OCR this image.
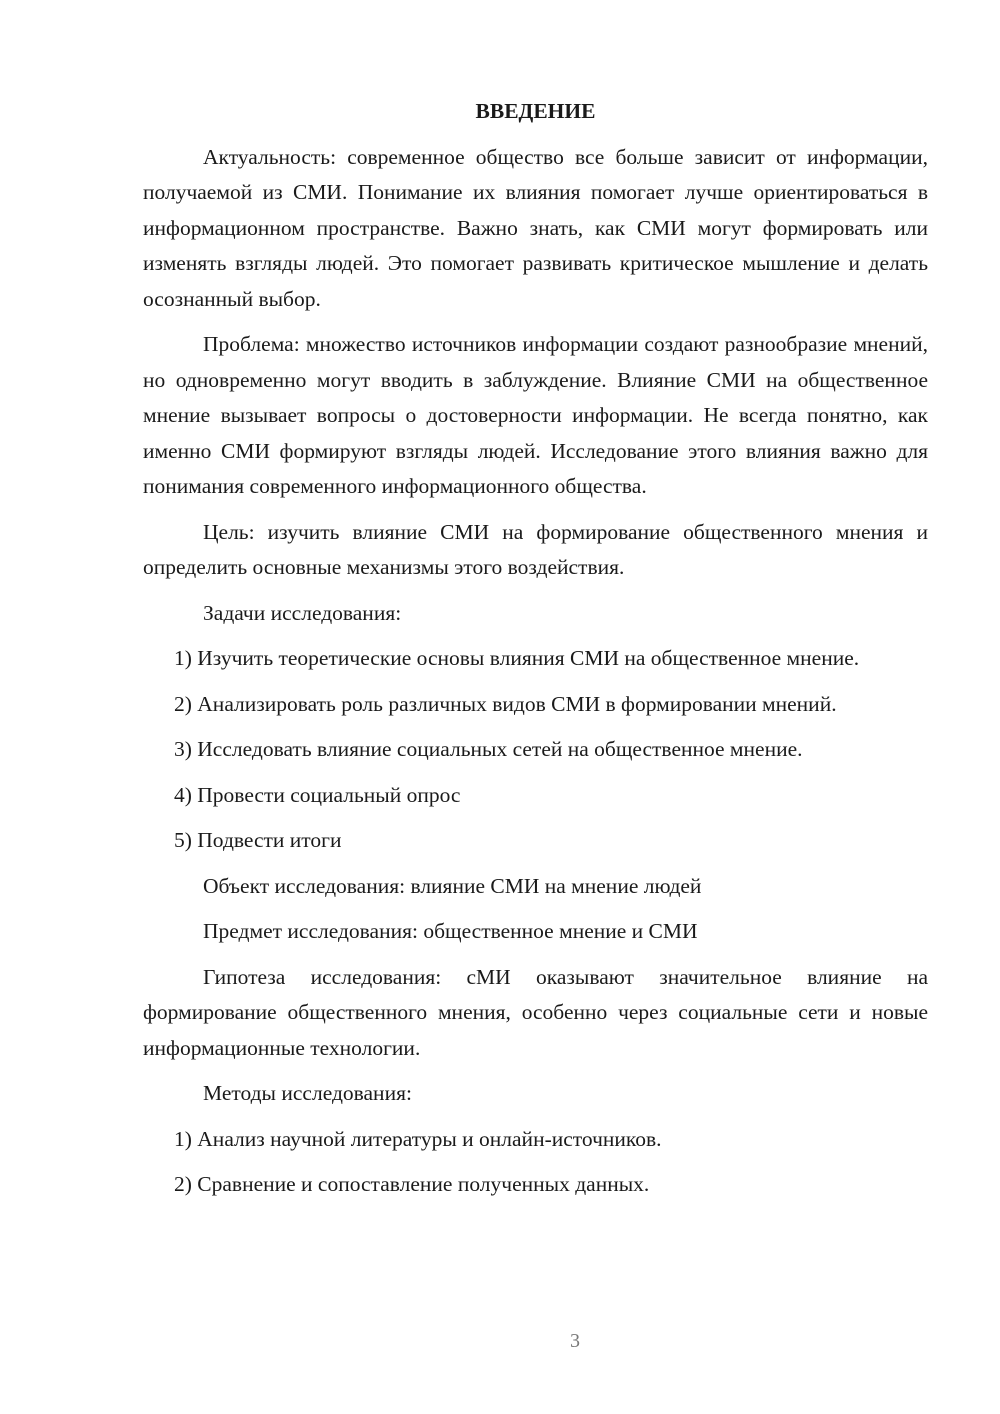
ВВЕДЕНИЕ

Актуальность: современное общество все больше зависит от информации, получаемой из СМИ. Понимание их влияния помогает лучше ориентироваться в информационном пространстве. Важно знать, как СМИ могут формировать или изменять взгляды людей. Это помогает развивать критическое мышление и делать осознанный выбор.

Проблема: множество источников информации создают разнообразие мнений, но одновременно могут вводить в заблуждение. Влияние СМИ на общественное мнение вызывает вопросы о достоверности информации. Не всегда понятно, как именно СМИ формируют взгляды людей. Исследование этого влияния важно для понимания современного информационного общества.

Цель: изучить влияние СМИ на формирование общественного мнения и определить основные механизмы этого воздействия.

Задачи исследования:

1) Изучить теоретические основы влияния СМИ на общественное мнение.

2) Анализировать роль различных видов СМИ в формировании мнений.

3) Исследовать влияние социальных сетей на общественное мнение.

4) Провести социальный опрос

5) Подвести итоги

Объект исследования: влияние СМИ на мнение людей

Предмет исследования: общественное мнение и СМИ

Гипотеза исследования: сМИ оказывают значительное влияние на формирование общественного мнения, особенно через социальные сети и новые информационные технологии.

Методы исследования:

1) Анализ научной литературы и онлайн-источников.

2) Сравнение и сопоставление полученных данных.

3
